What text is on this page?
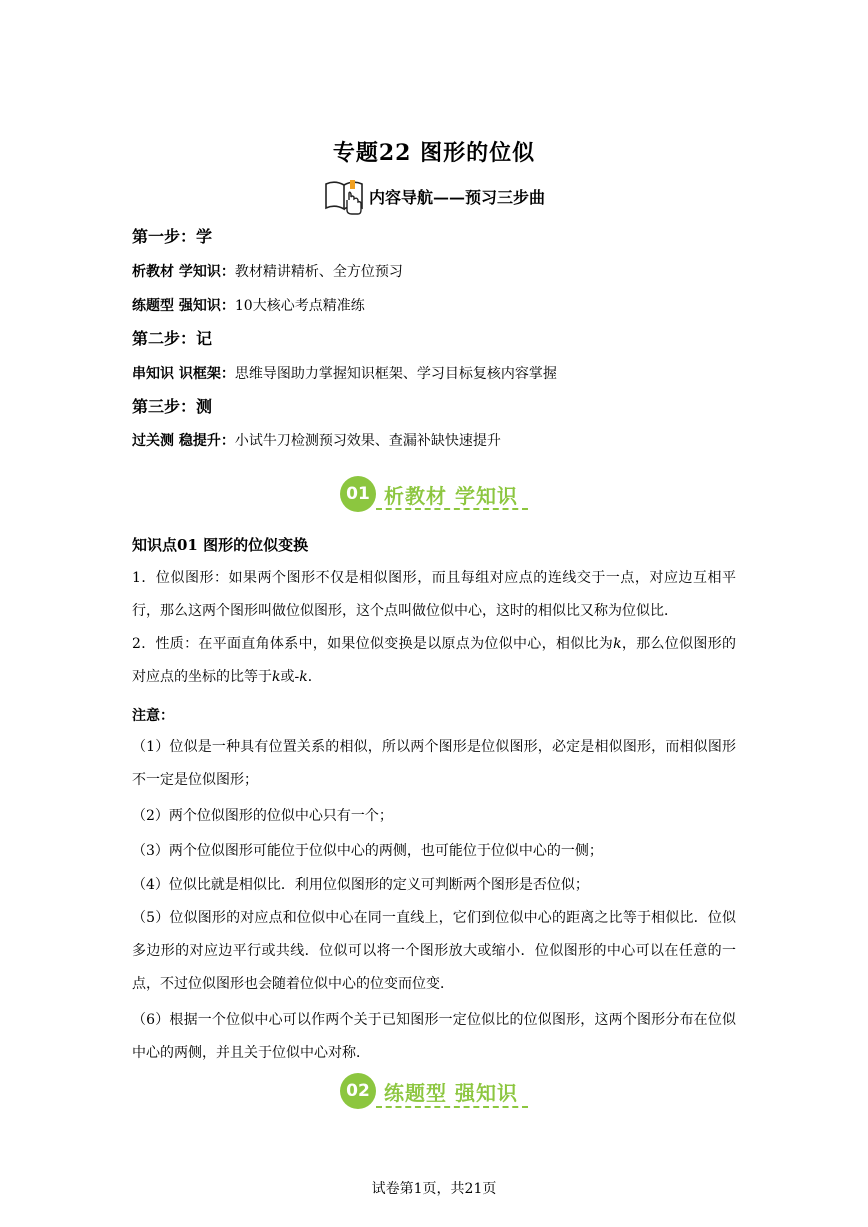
专题22 图形的位似
内容导航——预习三步曲
第一步：学
析教材 学知识：教材精讲精析、全方位预习
练题型 强知识：10大核心考点精准练
第二步：记
串知识 识框架：思维导图助力掌握知识框架、学习目标复核内容掌握
第三步：测
过关测 稳提升：小试牛刀检测预习效果、查漏补缺快速提升
01 析教材 学知识
知识点01 图形的位似变换
1．位似图形：如果两个图形不仅是相似图形，而且每组对应点的连线交于一点，对应边互相平行，那么这两个图形叫做位似图形，这个点叫做位似中心，这时的相似比又称为位似比．
2．性质：在平面直角体系中，如果位似变换是以原点为位似中心，相似比为k，那么位似图形的对应点的坐标的比等于k或-k．
注意：
（1）位似是一种具有位置关系的相似，所以两个图形是位似图形，必定是相似图形，而相似图形不一定是位似图形；
（2）两个位似图形的位似中心只有一个；
（3）两个位似图形可能位于位似中心的两侧，也可能位于位似中心的一侧；
（4）位似比就是相似比．利用位似图形的定义可判断两个图形是否位似；
（5）位似图形的对应点和位似中心在同一直线上，它们到位似中心的距离之比等于相似比．位似多边形的对应边平行或共线．位似可以将一个图形放大或缩小．位似图形的中心可以在任意的一点，不过位似图形也会随着位似中心的位变而位变．
（6）根据一个位似中心可以作两个关于已知图形一定位似比的位似图形，这两个图形分布在位似中心的两侧，并且关于位似中心对称．
02 练题型 强知识
试卷第1页，共21页
